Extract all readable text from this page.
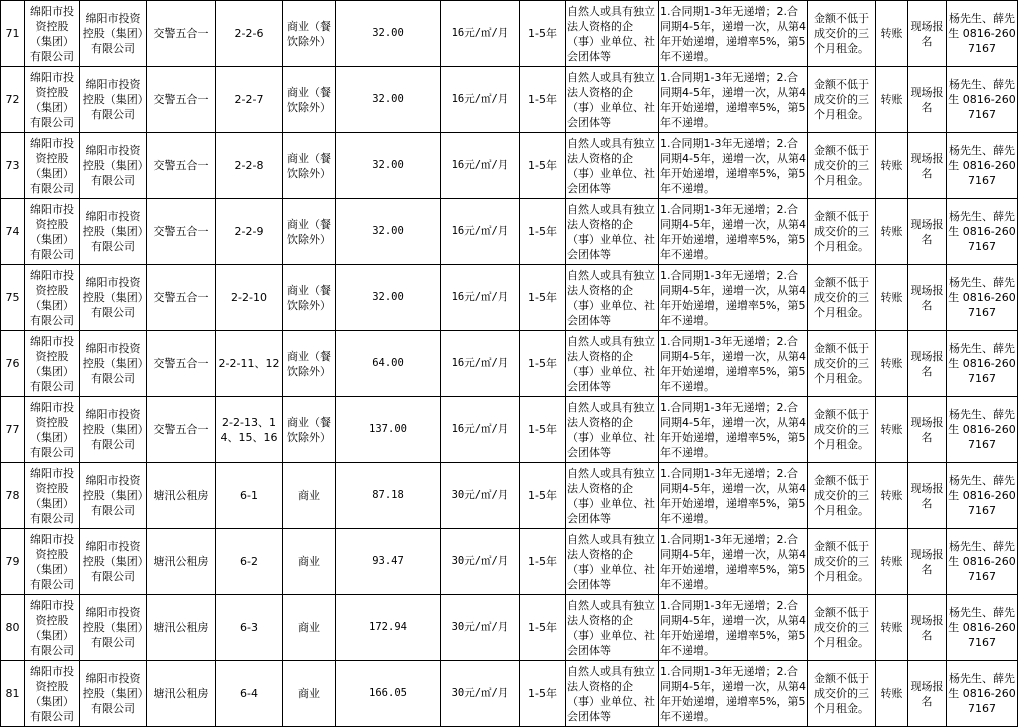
71	绵阳市投资控股（集团）有限公司	绵阳市投资控股（集团）有限公司	交警五合一	2-2-6	商业（餐饮除外）	32.00	16元/㎡/月	1-5年	自然人或具有独立法人资格的企（事）业单位、社会团体等	1.合同期1-3年无递增；2.合同期4-5年，递增一次，从第4年开始递增，递增率5%，第5年不递增。	金额不低于成交价的三个月租金。	转账	现场报名	杨先生、薛先生 0816-2607167
72	绵阳市投资控股（集团）有限公司	绵阳市投资控股（集团）有限公司	交警五合一	2-2-7	商业（餐饮除外）	32.00	16元/㎡/月	1-5年	自然人或具有独立法人资格的企（事）业单位、社会团体等	1.合同期1-3年无递增；2.合同期4-5年，递增一次，从第4年开始递增，递增率5%，第5年不递增。	金额不低于成交价的三个月租金。	转账	现场报名	杨先生、薛先生 0816-2607167
73	绵阳市投资控股（集团）有限公司	绵阳市投资控股（集团）有限公司	交警五合一	2-2-8	商业（餐饮除外）	32.00	16元/㎡/月	1-5年	自然人或具有独立法人资格的企（事）业单位、社会团体等	1.合同期1-3年无递增；2.合同期4-5年，递增一次，从第4年开始递增，递增率5%，第5年不递增。	金额不低于成交价的三个月租金。	转账	现场报名	杨先生、薛先生 0816-2607167
74	绵阳市投资控股（集团）有限公司	绵阳市投资控股（集团）有限公司	交警五合一	2-2-9	商业（餐饮除外）	32.00	16元/㎡/月	1-5年	自然人或具有独立法人资格的企（事）业单位、社会团体等	1.合同期1-3年无递增；2.合同期4-5年，递增一次，从第4年开始递增，递增率5%，第5年不递增。	金额不低于成交价的三个月租金。	转账	现场报名	杨先生、薛先生 0816-2607167
75	绵阳市投资控股（集团）有限公司	绵阳市投资控股（集团）有限公司	交警五合一	2-2-10	商业（餐饮除外）	32.00	16元/㎡/月	1-5年	自然人或具有独立法人资格的企（事）业单位、社会团体等	1.合同期1-3年无递增；2.合同期4-5年，递增一次，从第4年开始递增，递增率5%，第5年不递增。	金额不低于成交价的三个月租金。	转账	现场报名	杨先生、薛先生 0816-2607167
76	绵阳市投资控股（集团）有限公司	绵阳市投资控股（集团）有限公司	交警五合一	2-2-11、12	商业（餐饮除外）	64.00	16元/㎡/月	1-5年	自然人或具有独立法人资格的企（事）业单位、社会团体等	1.合同期1-3年无递增；2.合同期4-5年，递增一次，从第4年开始递增，递增率5%，第5年不递增。	金额不低于成交价的三个月租金。	转账	现场报名	杨先生、薛先生 0816-2607167
77	绵阳市投资控股（集团）有限公司	绵阳市投资控股（集团）有限公司	交警五合一	2-2-13、14、15、16	商业（餐饮除外）	137.00	16元/㎡/月	1-5年	自然人或具有独立法人资格的企（事）业单位、社会团体等	1.合同期1-3年无递增；2.合同期4-5年，递增一次，从第4年开始递增，递增率5%，第5年不递增。	金额不低于成交价的三个月租金。	转账	现场报名	杨先生、薛先生 0816-2607167
78	绵阳市投资控股（集团）有限公司	绵阳市投资控股（集团）有限公司	塘汛公租房	6-1	商业	87.18	30元/㎡/月	1-5年	自然人或具有独立法人资格的企（事）业单位、社会团体等	1.合同期1-3年无递增；2.合同期4-5年，递增一次，从第4年开始递增，递增率5%，第5年不递增。	金额不低于成交价的三个月租金。	转账	现场报名	杨先生、薛先生 0816-2607167
79	绵阳市投资控股（集团）有限公司	绵阳市投资控股（集团）有限公司	塘汛公租房	6-2	商业	93.47	30元/㎡/月	1-5年	自然人或具有独立法人资格的企（事）业单位、社会团体等	1.合同期1-3年无递增；2.合同期4-5年，递增一次，从第4年开始递增，递增率5%，第5年不递增。	金额不低于成交价的三个月租金。	转账	现场报名	杨先生、薛先生 0816-2607167
80	绵阳市投资控股（集团）有限公司	绵阳市投资控股（集团）有限公司	塘汛公租房	6-3	商业	172.94	30元/㎡/月	1-5年	自然人或具有独立法人资格的企（事）业单位、社会团体等	1.合同期1-3年无递增；2.合同期4-5年，递增一次，从第4年开始递增，递增率5%，第5年不递增。	金额不低于成交价的三个月租金。	转账	现场报名	杨先生、薛先生 0816-2607167
81	绵阳市投资控股（集团）有限公司	绵阳市投资控股（集团）有限公司	塘汛公租房	6-4	商业	166.05	30元/㎡/月	1-5年	自然人或具有独立法人资格的企（事）业单位、社会团体等	1.合同期1-3年无递增；2.合同期4-5年，递增一次，从第4年开始递增，递增率5%，第5年不递增。	金额不低于成交价的三个月租金。	转账	现场报名	杨先生、薛先生 0816-2607167
